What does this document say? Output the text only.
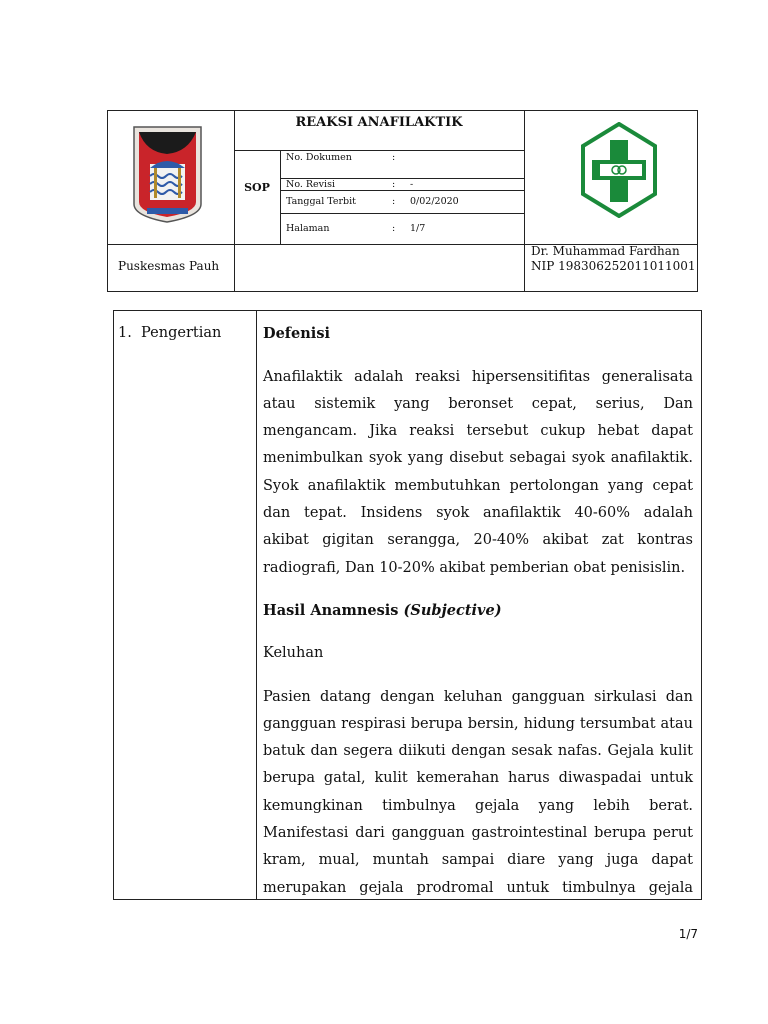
REAKSI ANAFILAKTIK
SOP
No. Dokumen	:
No. Revisi	: -
Tanggal Terbit	: 0/02/2020
Halaman	: 1/7
Puskesmas Pauh
Dr. Muhammad Fardhan
NIP 198306252011011001
1.  Pengertian	Defenisi

Anafilaktik adalah reaksi hipersensitifitas generalisata

atau sistemik yang beronset cepat, serius, Dan

mengancam. Jika reaksi tersebut cukup hebat dapat

menimbulkan syok yang disebut sebagai syok anafilaktik.

Syok anafilaktik membutuhkan pertolongan yang cepat

dan tepat. Insidens syok anafilaktik 40-60% adalah

akibat gigitan serangga, 20-40% akibat zat kontras

radiografi, Dan 10-20% akibat pemberian obat penisislin.

Hasil Anamnesis (Subjective)
Keluhan

Pasien datang dengan keluhan gangguan sirkulasi dan

gangguan respirasi berupa bersin, hidung tersumbat atau

batuk dan segera diikuti dengan sesak nafas. Gejala kulit

berupa gatal, kulit kemerahan harus diwaspadai untuk

kemungkinan timbulnya gejala yang lebih berat.

Manifestasi dari gangguan gastrointestinal berupa perut

kram, mual, muntah sampai diare yang juga dapat

merupakan gejala prodromal untuk timbulnya gejala

1/7
